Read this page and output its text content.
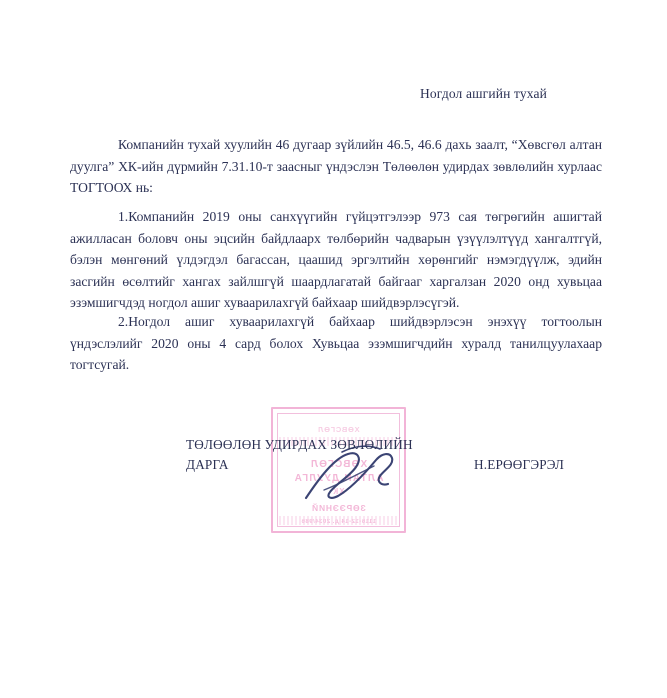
Ногдол ашгийн тухай

Компанийн тухай хуулийн 46 дугаар зүйлийн 46.5, 46.6 дахь заалт, “Хөвсгөл алтан дуулга” ХК-ийн дүрмийн 7.31.10-т заасныг үндэслэн Төлөөлөн удирдах зөвлөлийн хурлаас ТОГТООХ нь:

1.Компанийн 2019 оны санхүүгийн гүйцэтгэлээр 973 сая төгрөгийн ашигтай ажилласан боловч оны эцсийн байдлаарх төлбөрийн чадварын үзүүлэлтүүд хангалтгүй, бэлэн мөнгөний үлдэгдэл багассан, цаашид эргэлтийн хөрөнгийг нэмэгдүүлж, эдийн засгийн өсөлтийг хангах зайлшгүй шаардлагатай байгааг харгалзан 2020 онд хувьцаа эзэмшигчдэд ногдол ашиг хуваарилахгүй байхаар шийдвэрлэсүгэй.

2.Ногдол ашиг хуваарилахгүй байхаар шийдвэрлэсэн энэхүү тогтоолын үндэслэлийг 2020 оны 4 сард болох Хувьцаа эзэмшигчдийн хуралд танилцуулахаар тогтсугай.

ХӨВСГӨЛ
ХӨВСГӨЛ
АЛТАН ДУУЛГА
ХК
ЗӨРЭЭНИЙ
1116-12-14 д. 2034/986
ТӨЛӨӨЛӨН УДИРДАХ ЗӨВЛӨЛИЙН
ДАРГА	Н.ЕРӨӨГЭРЭЛ
